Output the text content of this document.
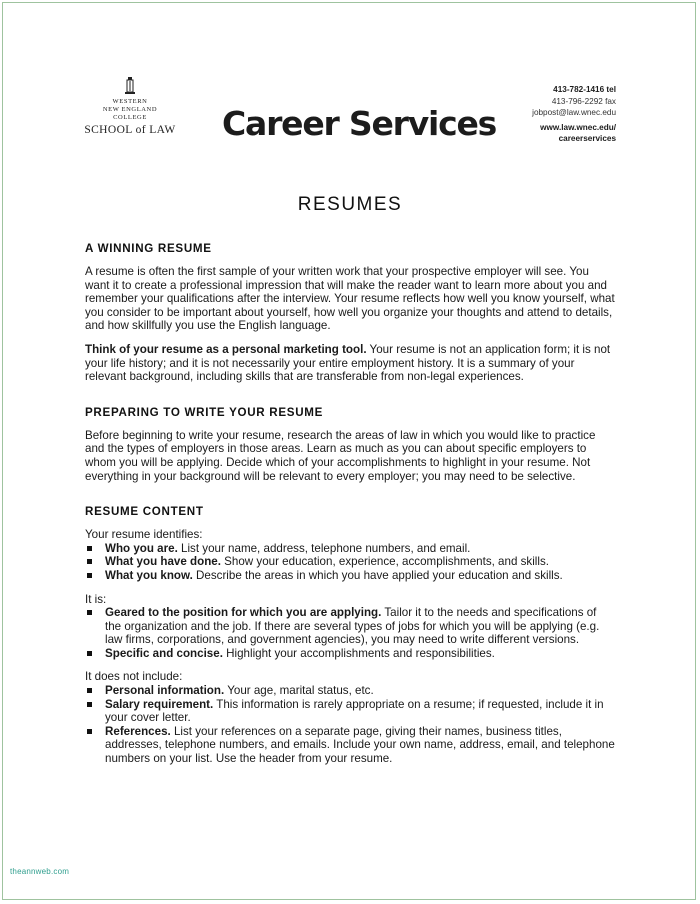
WESTERN
NEW ENGLAND
COLLEGE
SCHOOL of LAW Career Services
413-782-1416 tel
413-796-2292 fax
jobpost@law.wnec.edu
www.law.wnec.edu/
careerservices
RESUMES
A WINNING RESUME

A resume is often the first sample of your written work that your prospective employer will see. You want it to create a professional impression that will make the reader want to learn more about you and remember your qualifications after the interview. Your resume reflects how well you know yourself, what you consider to be important about yourself, how well you organize your thoughts and attend to details, and how skillfully you use the English language.

Think of your resume as a personal marketing tool. Your resume is not an application form; it is not your life history; and it is not necessarily your entire employment history. It is a summary of your relevant background, including skills that are transferable from non-legal experiences.

PREPARING TO WRITE YOUR RESUME

Before beginning to write your resume, research the areas of law in which you would like to practice and the types of employers in those areas. Learn as much as you can about specific employers to whom you will be applying. Decide which of your accomplishments to highlight in your resume. Not everything in your background will be relevant to every employer; you may need to be selective.

RESUME CONTENT

Your resume identifies:

Who you are. List your name, address, telephone numbers, and email.
What you have done. Show your education, experience, accomplishments, and skills.
What you know. Describe the areas in which you have applied your education and skills.

It is:

Geared to the position for which you are applying. Tailor it to the needs and specifications of the organization and the job. If there are several types of jobs for which you will be applying (e.g. law firms, corporations, and government agencies), you may need to write different versions.
Specific and concise. Highlight your accomplishments and responsibilities.

It does not include:

Personal information. Your age, marital status, etc.
Salary requirement. This information is rarely appropriate on a resume; if requested, include it in your cover letter.
References. List your references on a separate page, giving their names, business titles, addresses, telephone numbers, and emails. Include your own name, address, email, and telephone numbers on your list. Use the header from your resume.
theannweb.com
